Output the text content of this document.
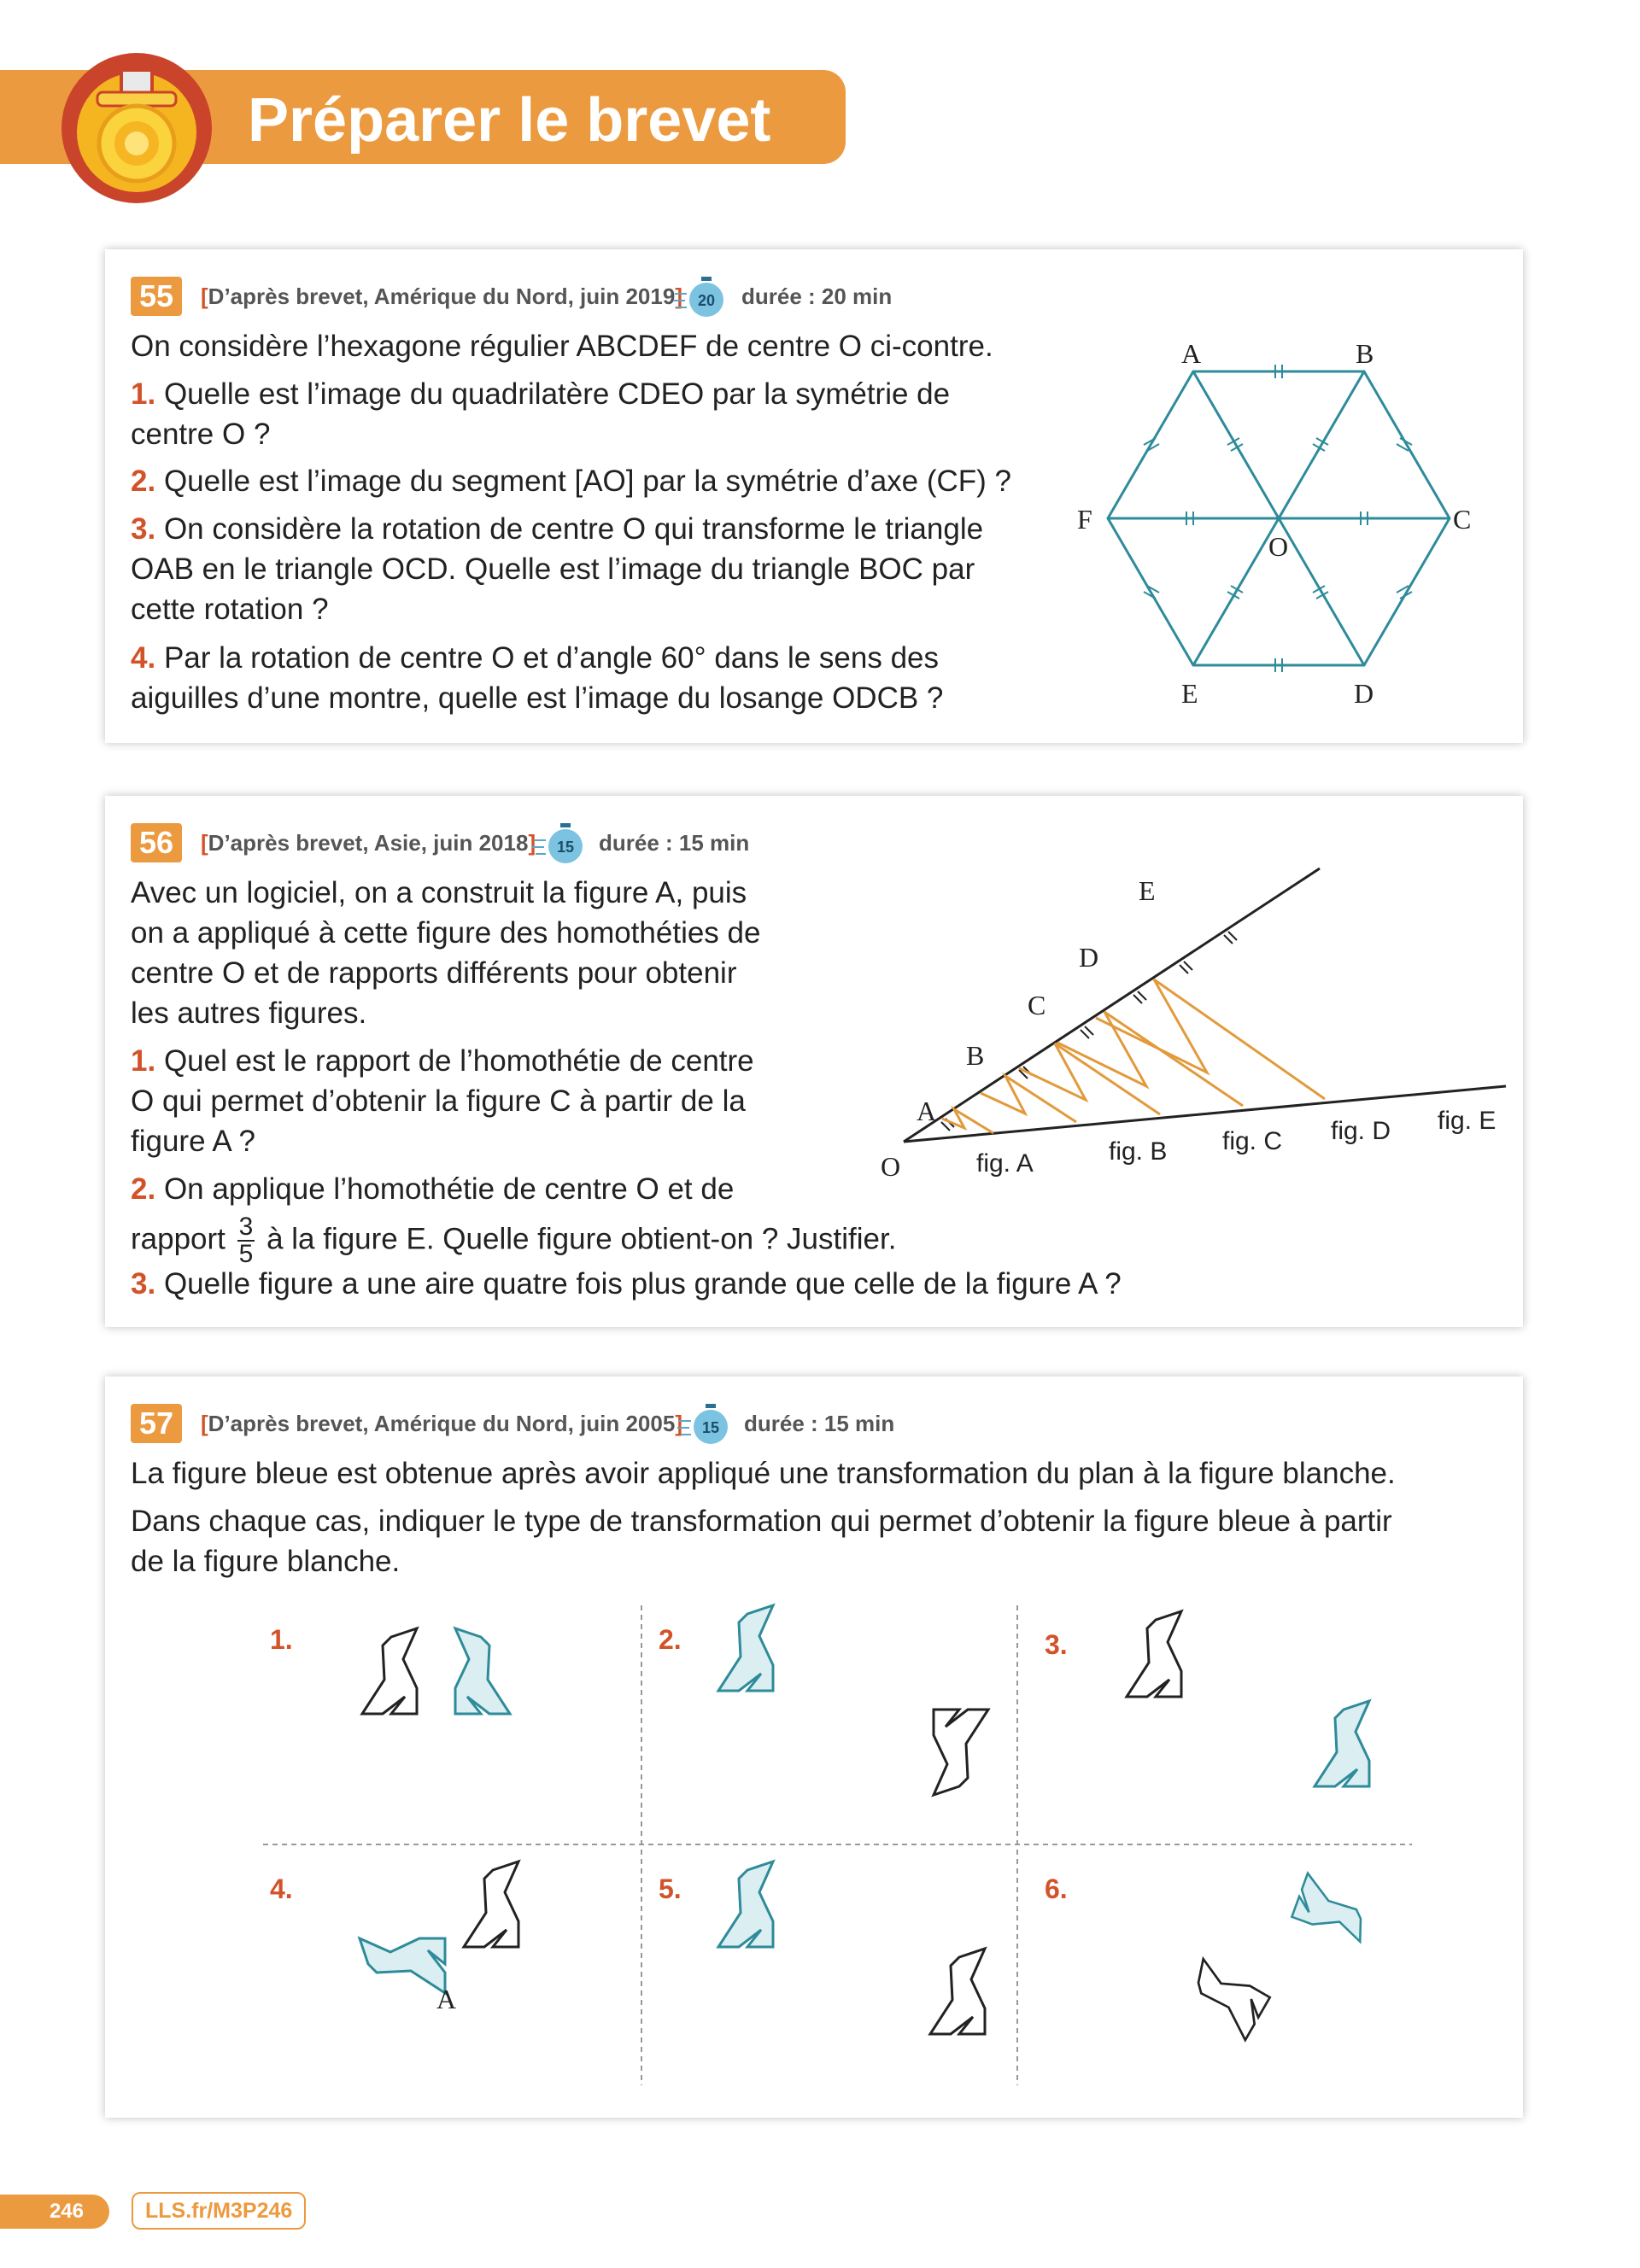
Préparer le brevet
55	[D’après brevet, Amérique du Nord, juin 2019] 20 durée : 20 min
On considère l’hexagone régulier ABCDEF de centre O ci-contre.
1. Quelle est l’image du quadrilatère CDEO par la symétrie de
centre O ?
2. Quelle est l’image du segment [AO] par la symétrie d’axe (CF) ?
3. On considère la rotation de centre O qui transforme le triangle
OAB en le triangle OCD. Quelle est l’image du triangle BOC par
cette rotation ?
4. Par la rotation de centre O et d’angle 60° dans le sens des
aiguilles d’une montre, quelle est l’image du losange ODCB ?
A	B
C
D
E
F
O
56	[D’après brevet, Asie, juin 2018] 15 durée : 15 min
Avec un logiciel, on a construit la figure A, puis
on a appliqué à cette figure des homothéties de
centre O et de rapports différents pour obtenir
les autres figures.
1. Quel est le rapport de l’homothétie de centre
O qui permet d’obtenir la figure C à partir de la
figure A ?
2. On applique l’homothétie de centre O et de
rapport $\frac{3}{5}$ à la figure E. Quelle figure obtient-on ? Justifier.
3. Quelle figure a une aire quatre fois plus grande que celle de la figure A ?
O
A
B
C
D
E
fig. A	fig. B fig. C fig. D fig. E
57	[D’après brevet, Amérique du Nord, juin 2005] 15 durée : 15 min
La figure bleue est obtenue après avoir appliqué une transformation du plan à la figure blanche.
Dans chaque cas, indiquer le type de transformation qui permet d’obtenir la figure bleue à partir
de la figure blanche.
A
1.	2.	3.
4.	5.	6.
246	LLS.fr/M3P246
